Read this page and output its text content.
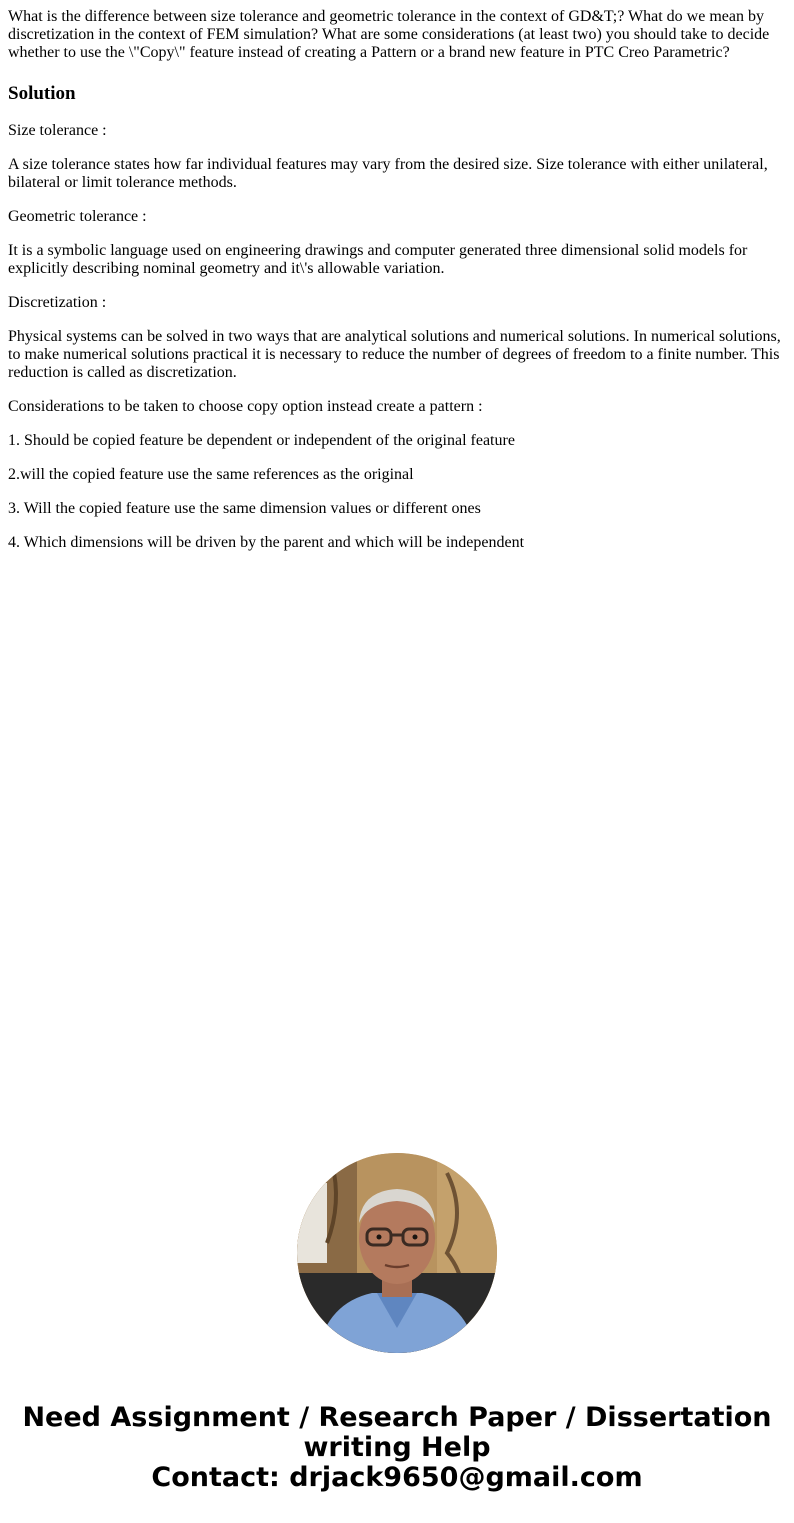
What is the difference between size tolerance and geometric tolerance in the context of GD&T;? What do we mean by discretization in the context of FEM simulation? What are some considerations (at least two) you should take to decide whether to use the \"Copy\" feature instead of creating a Pattern or a brand new feature in PTC Creo Parametric?
Solution

Size tolerance :

A size tolerance states how far individual features may vary from the desired size. Size tolerance with either unilateral, bilateral or limit tolerance methods.

Geometric tolerance :

It is a symbolic language used on engineering drawings and computer generated three dimensional solid models for explicitly describing nominal geometry and it\'s allowable variation.

Discretization :

Physical systems can be solved in two ways that are analytical solutions and numerical solutions. In numerical solutions, to make numerical solutions practical it is necessary to reduce the number of degrees of freedom to a finite number. This reduction is called as discretization.

Considerations to be taken to choose copy option instead create a pattern :

1. Should be copied feature be dependent or independent of the original feature

2.will the copied feature use the same references as the original

3. Will the copied feature use the same dimension values or different ones

4. Which dimensions will be driven by the parent and which will be independent

Need Assignment / Research Paper / Dissertation
writing Help
Contact: drjack9650@gmail.com
